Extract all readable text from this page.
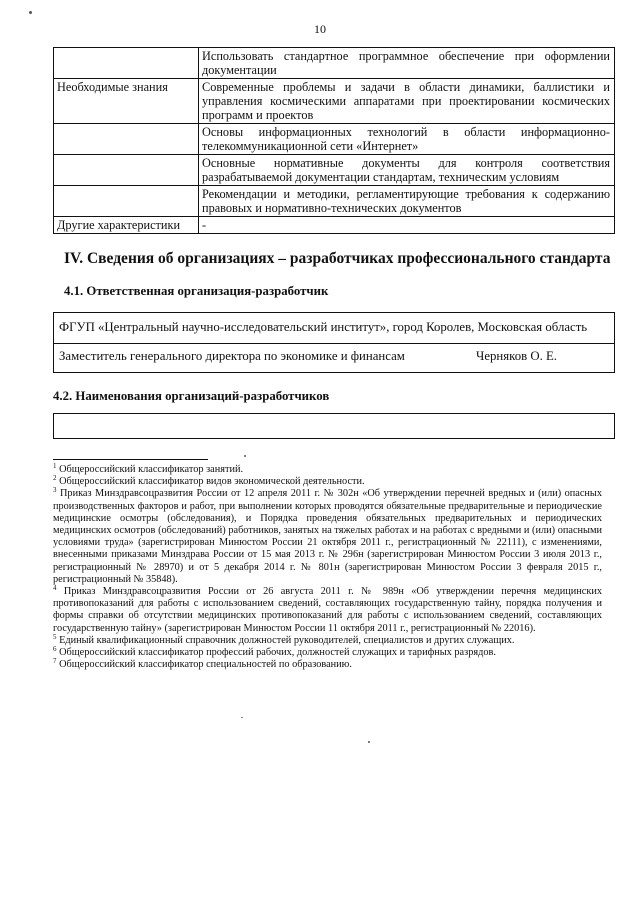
10
	Использовать стандартное программное обеспечение при оформлении документации
Необходимые знания	Современные проблемы и задачи в области динамики, баллистики и управления космическими аппаратами при проектировании космических программ и проектов
	Основы информационных технологий в области информационно-телекоммуникационной сети «Интернет»
	Основные нормативные документы для контроля соответствия разрабатываемой документации стандартам, техническим условиям
	Рекомендации и методики, регламентирующие требования к содержанию правовых и нормативно-технических документов
Другие характеристики	-
IV. Сведения об организациях – разработчиках профессионального стандарта
4.1. Ответственная организация-разработчик
ФГУП «Центральный научно-исследовательский институт», город Королев, Московская область
Заместитель генерального директора по экономике и финансам	Черняков О. Е.
4.2. Наименования организаций-разработчиков

$^1$ Общероссийский классификатор занятий.

$^2$ Общероссийский классификатор видов экономической деятельности.

$^3$ Приказ Минздравсоцразвития России от 12 апреля 2011 г. № 302н «Об утверждении перечней вредных и (или) опасных производственных факторов и работ, при выполнении которых проводятся обязательные предварительные и периодические медицинские осмотры (обследования), и Порядка проведения обязательных предварительных и периодических медицинских осмотров (обследований) работников, занятых на тяжелых работах и на работах с вредными и (или) опасными условиями труда» (зарегистрирован Минюстом России 21 октября 2011 г., регистрационный № 22111), с изменениями, внесенными приказами Минздрава России от 15 мая 2013 г. № 296н (зарегистрирован Минюстом России 3 июля 2013 г., регистрационный № 28970) и от 5 декабря 2014 г. № 801н (зарегистрирован Минюстом России 3 февраля 2015 г., регистрационный № 35848).

$^4$ Приказ Минздравсоцразвития России от 26 августа 2011 г. № 989н «Об утверждении перечня медицинских противопоказаний для работы с использованием сведений, составляющих государственную тайну, порядка получения и формы справки об отсутствии медицинских противопоказаний для работы с использованием сведений, составляющих государственную тайну» (зарегистрирован Минюстом России 11 октября 2011 г., регистрационный № 22016).

$^5$ Единый квалификационный справочник должностей руководителей, специалистов и других служащих.

$^6$ Общероссийский классификатор профессий рабочих, должностей служащих и тарифных разрядов.

$^7$ Общероссийский классификатор специальностей по образованию.
